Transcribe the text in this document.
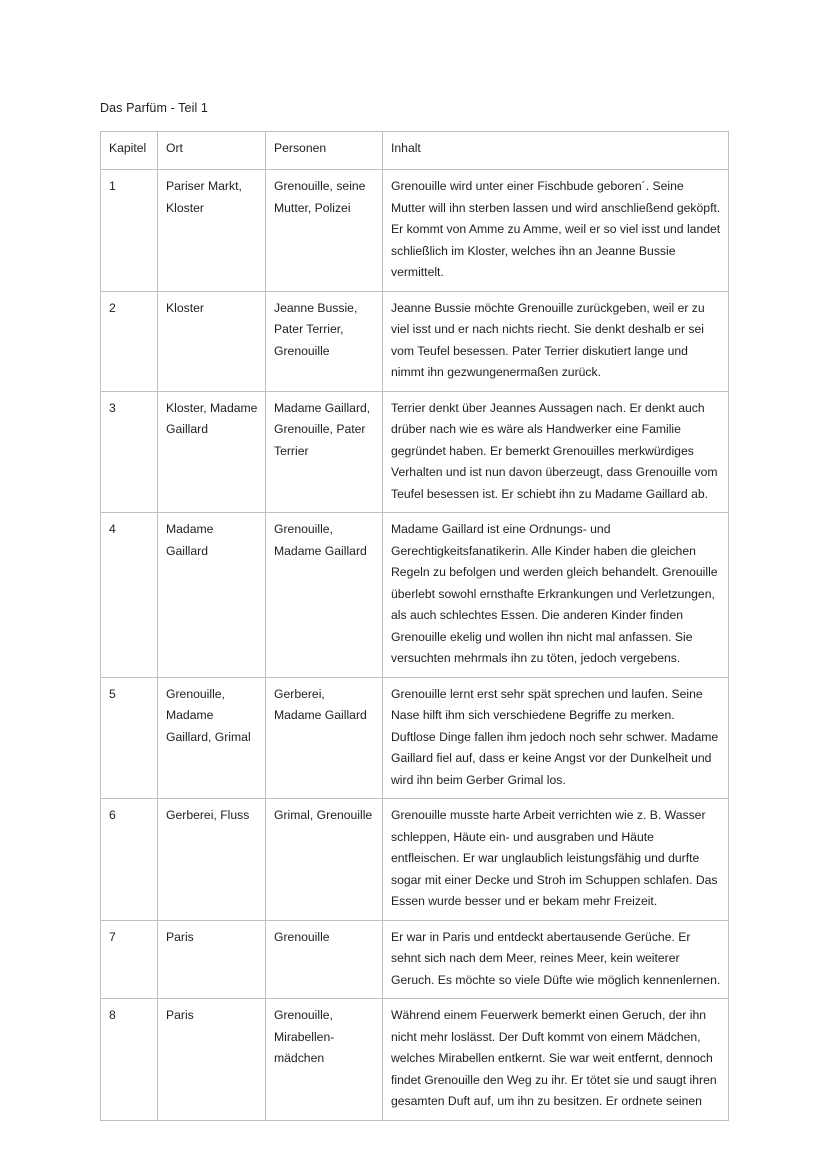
Das Parfüm - Teil 1
Kapitel	Ort	Personen	Inhalt
1	Pariser Markt, Kloster	Grenouille, seine Mutter, Polizei	Grenouille wird unter einer Fischbude geboren´. Seine Mutter will ihn sterben lassen und wird anschließend geköpft. Er kommt von Amme zu Amme, weil er so viel isst und landet schließlich im Kloster, welches ihn an Jeanne Bussie vermittelt.
2	Kloster	Jeanne Bussie, Pater Terrier, Grenouille	Jeanne Bussie möchte Grenouille zurückgeben, weil er zu viel isst und er nach nichts riecht. Sie denkt deshalb er sei vom Teufel besessen. Pater Terrier diskutiert lange und nimmt ihn gezwungenermaßen zurück.
3	Kloster, Madame Gaillard	Madame Gaillard, Grenouille, Pater Terrier	Terrier denkt über Jeannes Aussagen nach. Er denkt auch drüber nach wie es wäre als Handwerker eine Familie gegründet haben. Er bemerkt Grenouilles merkwürdiges Verhalten und ist nun davon überzeugt, dass Grenouille vom Teufel besessen ist. Er schiebt ihn zu Madame Gaillard ab.
4	Madame Gaillard	Grenouille, Madame Gaillard	Madame Gaillard ist eine Ordnungs- und Gerechtigkeitsfanatikerin. Alle Kinder haben die gleichen Regeln zu befolgen und werden gleich behandelt. Grenouille überlebt sowohl ernsthafte Erkrankungen und Verletzungen, als auch schlechtes Essen. Die anderen Kinder finden Grenouille ekelig und wollen ihn nicht mal anfassen. Sie versuchten mehrmals ihn zu töten, jedoch vergebens.
5	Grenouille, Madame Gaillard, Grimal	Gerberei, Madame Gaillard	Grenouille lernt erst sehr spät sprechen und laufen. Seine Nase hilft ihm sich verschiedene Begriffe zu merken. Duftlose Dinge fallen ihm jedoch noch sehr schwer. Madame Gaillard fiel auf, dass er keine Angst vor der Dunkelheit und wird ihn beim Gerber Grimal los.
6	Gerberei, Fluss	Grimal, Grenouille	Grenouille musste harte Arbeit verrichten wie z. B. Wasser schleppen, Häute ein- und ausgraben und Häute entfleischen. Er war unglaublich leistungsfähig und durfte sogar mit einer Decke und Stroh im Schuppen schlafen. Das Essen wurde besser und er bekam mehr Freizeit.
7	Paris	Grenouille	Er war in Paris und entdeckt abertausende Gerüche. Er sehnt sich nach dem Meer, reines Meer, kein weiterer Geruch. Es möchte so viele Düfte wie möglich kennenlernen.
8	Paris	Grenouille, Mirabellen-mädchen	Während einem Feuerwerk bemerkt einen Geruch, der ihn nicht mehr loslässt. Der Duft kommt von einem Mädchen, welches Mirabellen entkernt. Sie war weit entfernt, dennoch findet Grenouille den Weg zu ihr. Er tötet sie und saugt ihren gesamten Duft auf, um ihn zu besitzen. Er ordnete seinen
